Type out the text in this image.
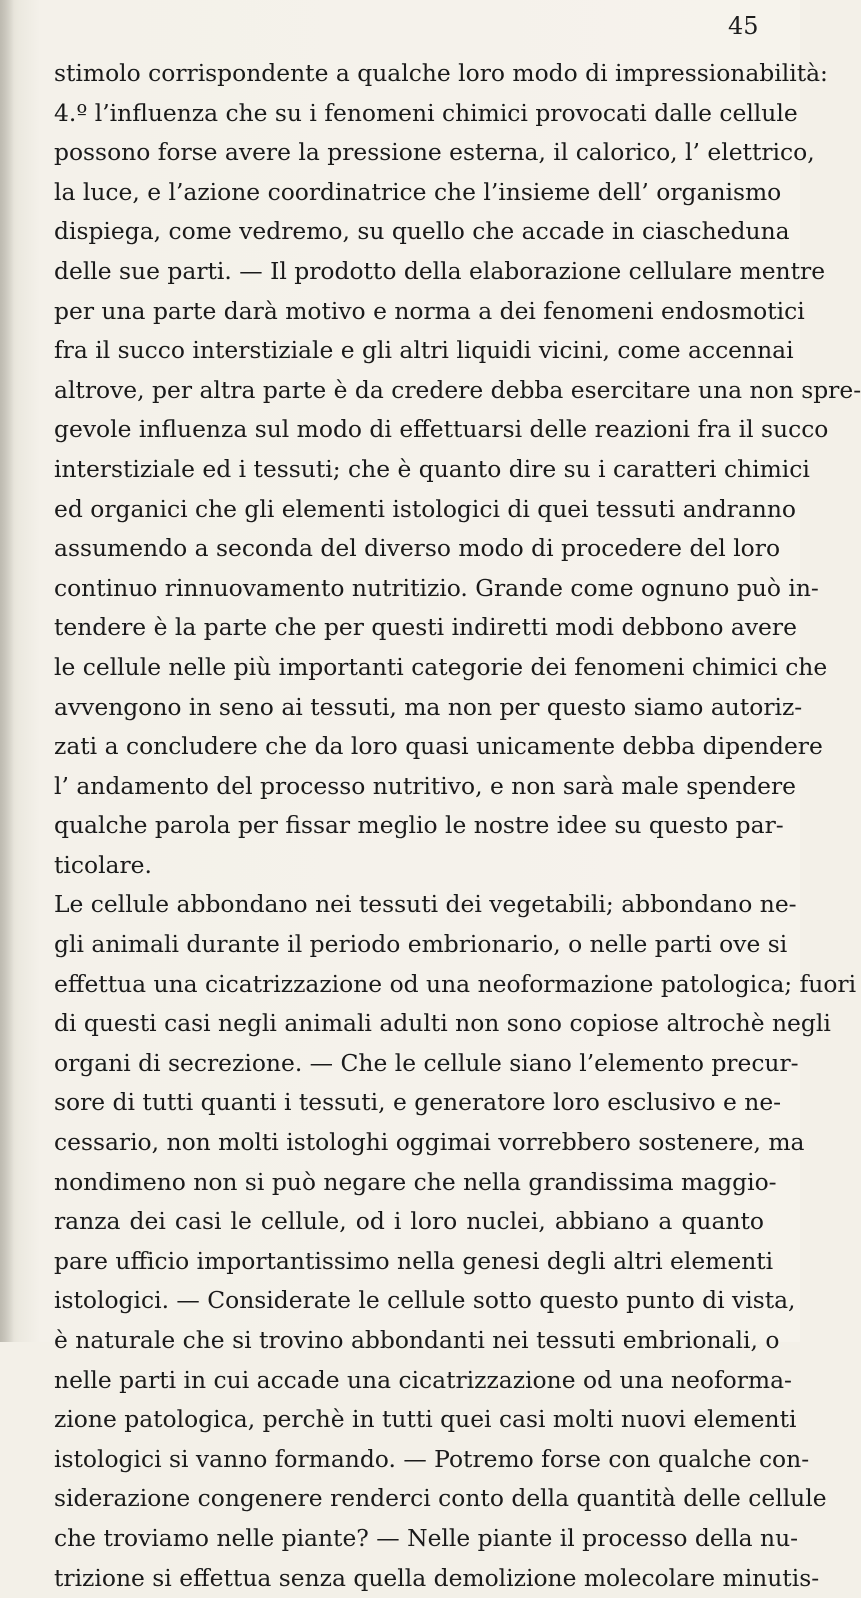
45

stimolo corrispondente a qualche loro modo di impressionabilità:
4.º l’influenza che su i fenomeni chimici provocati dalle cellule
possono forse avere la pressione esterna, il calorico, l’ elettrico,
la luce, e l’azione coordinatrice che l’insieme dell’ organismo
dispiega, come vedremo, su quello che accade in ciascheduna
delle sue parti. — Il prodotto della elaborazione cellulare mentre
per una parte darà motivo e norma a dei fenomeni endosmotici
fra il succo interstiziale e gli altri liquidi vicini, come accennai
altrove, per altra parte è da credere debba esercitare una non spre-
gevole influenza sul modo di effettuarsi delle reazioni fra il succo
interstiziale ed i tessuti; che è quanto dire su i caratteri chimici
ed organici che gli elementi istologici di quei tessuti andranno
assumendo a seconda del diverso modo di procedere del loro
continuo rinnuovamento nutritizio. Grande come ognuno può in-
tendere è la parte che per questi indiretti modi debbono avere
le cellule nelle più importanti categorie dei fenomeni chimici che
avvengono in seno ai tessuti, ma non per questo siamo autoriz-
zati a concludere che da loro quasi unicamente debba dipendere
l’ andamento del processo nutritivo, e non sarà male spendere
qualche parola per fissar meglio le nostre idee su questo par-
ticolare.
Le cellule abbondano nei tessuti dei vegetabili; abbondano ne-
gli animali durante il periodo embrionario, o nelle parti ove si
effettua una cicatrizzazione od una neoformazione patologica; fuori
di questi casi negli animali adulti non sono copiose altrochè negli
organi di secrezione. — Che le cellule siano l’elemento precur-
sore di tutti quanti i tessuti, e generatore loro esclusivo e ne-
cessario, non molti istologhi oggimai vorrebbero sostenere, ma
nondimeno non si può negare che nella grandissima maggio-
ranza dei casi le cellule, od i loro nuclei, abbiano a quanto
pare ufficio importantissimo nella genesi degli altri elementi
istologici. — Considerate le cellule sotto questo punto di vista,
è naturale che si trovino abbondanti nei tessuti embrionali, o
nelle parti in cui accade una cicatrizzazione od una neoforma-
zione patologica, perchè in tutti quei casi molti nuovi elementi
istologici si vanno formando. — Potremo forse con qualche con-
siderazione congenere renderci conto della quantità delle cellule
che troviamo nelle piante? — Nelle piante il processo della nu-
trizione si effettua senza quella demolizione molecolare minutis-
